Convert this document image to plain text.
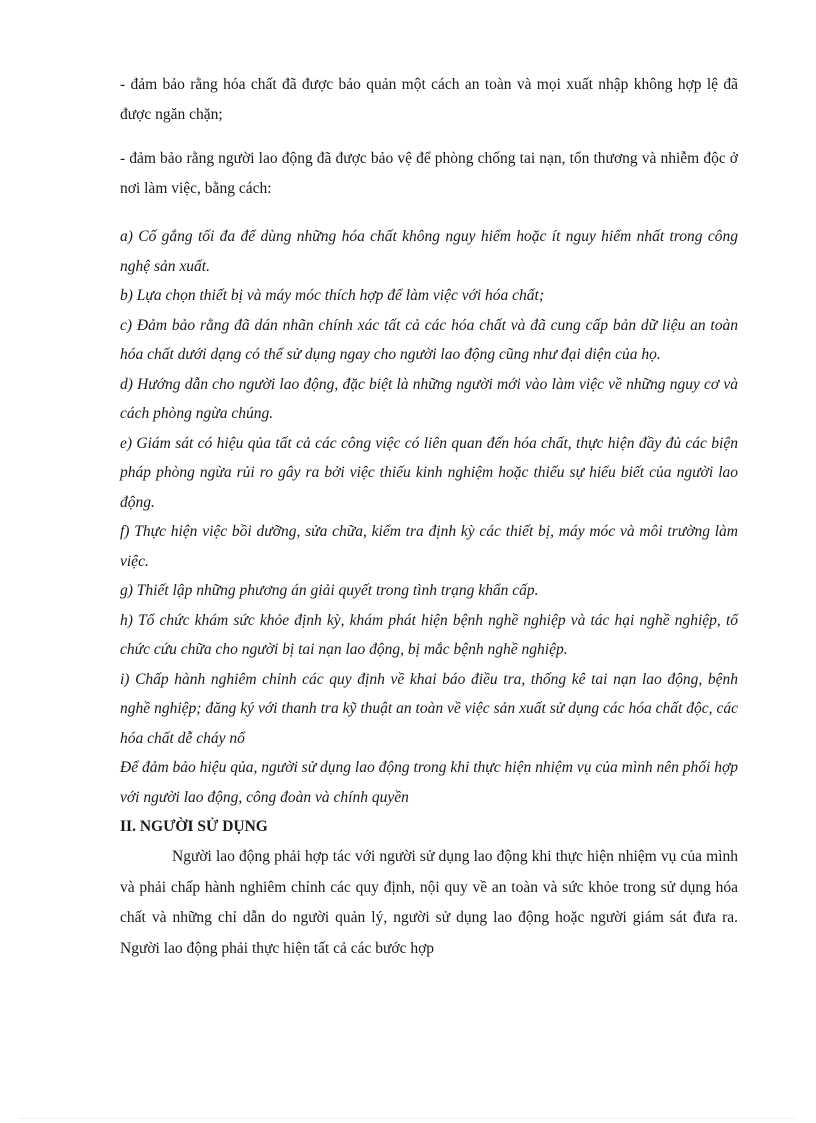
- đảm bảo rằng hóa chất đã được bảo quản một cách an toàn và mọi xuất nhập không hợp lệ đã được ngăn chặn;

- đảm bảo rằng người lao động đã được bảo vệ để phòng chống tai nạn, tổn thương và nhiễm độc ở nơi làm việc, bằng cách:

a) Cố gắng tối đa để dùng những hóa chất không nguy hiểm hoặc ít nguy hiểm nhất trong công nghệ sản xuất.

b) Lựa chọn thiết bị và máy móc thích hợp để làm việc với hóa chất;

c) Đảm bảo rằng đã dán nhãn chính xác tất cả các hóa chất và đã cung cấp bản dữ liệu an toàn hóa chất dưới dạng có thể sử dụng ngay cho người lao động cũng như đại diện của họ.

d) Hướng dẫn cho người lao động, đặc biệt là những người mới vào làm việc về những nguy cơ và cách phòng ngừa chúng.

e) Giám sát có hiệu qủa tất cả các công việc có liên quan đến hóa chất, thực hiện đầy đủ các biện pháp phòng ngừa rủi ro gây ra bởi việc thiếu kinh nghiệm hoặc thiếu sự hiểu biết của người lao động.

f) Thực hiện việc bồi dưỡng, sửa chữa, kiểm tra định kỳ các thiết bị, máy móc và môi trường làm việc.

g) Thiết lập những phương án giải quyết trong tình trạng khẩn cấp.

h) Tổ chức khám sức khỏe định kỳ, khám phát hiện bệnh nghề nghiệp và tác hại nghề nghiệp, tổ chức cứu chữa cho người bị tai nạn lao động, bị mắc bệnh nghề nghiệp.

i) Chấp hành nghiêm chỉnh các quy định về khai báo điều tra, thống kê tai nạn lao động, bệnh nghề nghiệp; đăng ký với thanh tra kỹ thuật an toàn về việc sản xuất sử dụng các hóa chất độc, các hóa chất dễ cháy nổ

Để đảm bảo hiệu qủa, người sử dụng lao động trong khi thực hiện nhiệm vụ của mình nên phối hợp với người lao động, công đoàn và chính quyền

II. NGƯỜI SỬ DỤNG

Người lao động phải hợp tác với người sử dụng lao động khi thực hiện nhiệm vụ của mình và phải chấp hành nghiêm chỉnh các quy định, nội quy về an toàn và sức khỏe trong sử dụng hóa chất và những chỉ dẫn do người quản lý, người sử dụng lao động hoặc người giám sát đưa ra. Người lao động phải thực hiện tất cả các bước hợp
